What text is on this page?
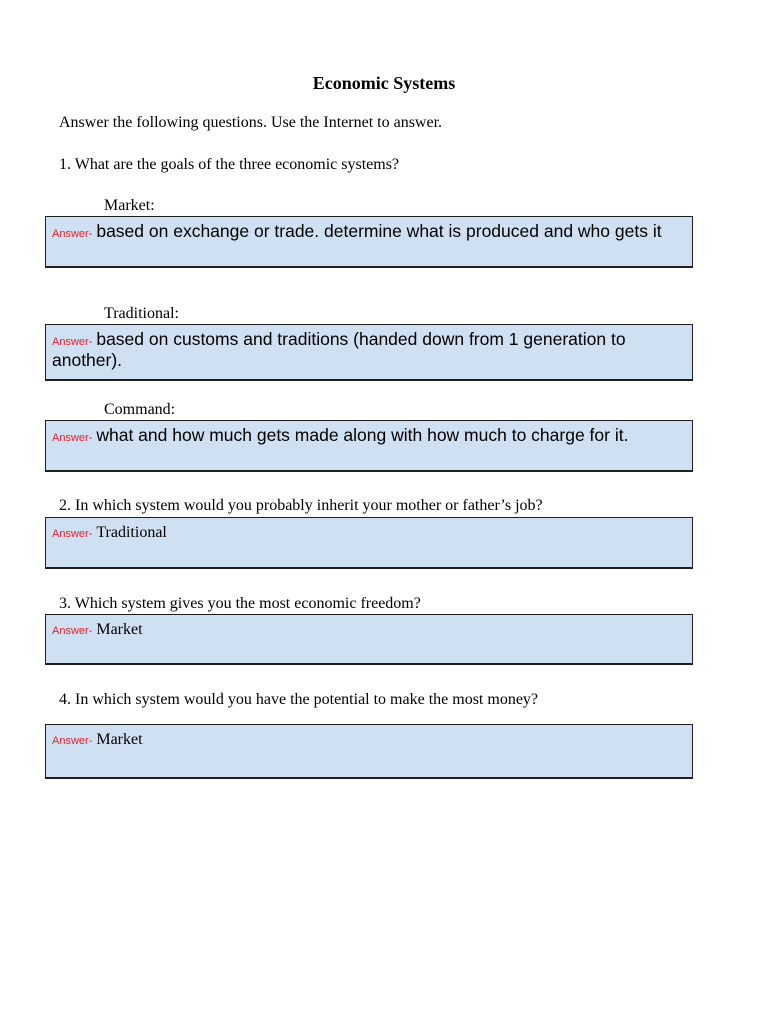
Economic Systems
Answer the following questions. Use the Internet to answer.
1. What are the goals of the three economic systems?
Market:
Answer- based on exchange or trade. determine what is produced and who gets it
Traditional:
Answer- based on customs and traditions (handed down from 1 generation to another).
Command:
Answer- what and how much gets made along with how much to charge for it.
2. In which system would you probably inherit your mother or father’s job?
Answer- Traditional
3. Which system gives you the most economic freedom?
Answer- Market
4. In which system would you have the potential to make the most money?
Answer- Market
